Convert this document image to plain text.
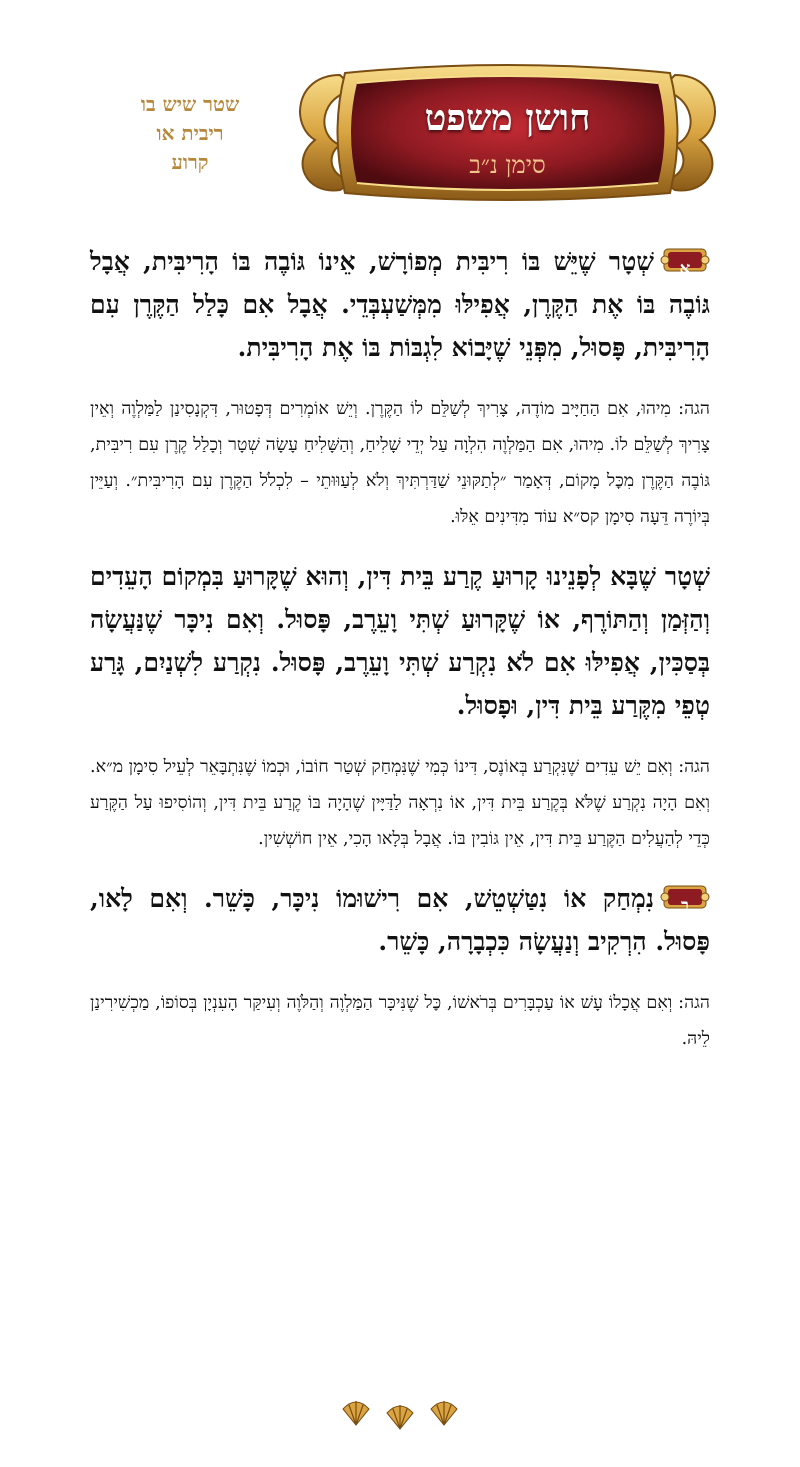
שטר שיש בו
ריבית או
קרוע
חושן משפט
סימן נ״ב

א
שְׁטָר שֶׁיֵּשׁ בּוֹ רִיבִּית מְפוֹרָשׁ, אֵינוֹ גּוֹבֶה בּוֹ הָרִיבִּית, אֲבָל גּוֹבֶה בּוֹ אֶת הַקֶּרֶן, אֲפִילּוּ מִמְּשַׁעְבְּדֵי. אֲבָל אִם כָּלַל הַקֶּרֶן עִם הָרִיבִּית, פָּסוּל, מִפְּנֵי שֶׁיָּבוֹא לִגְבּוֹת בּוֹ אֶת הָרִיבִּית.

הגה: מִיהוּ, אִם הַחַיָּיב מוֹדֶה, צָרִיךְ לְשַׁלֵּם לוֹ הַקֶּרֶן. וְיֵשׁ אוֹמְרִים דְּפָטוּר, דִּקְנָסִינַן לַמַּלְוֶה וְאֵין צָרִיךְ לְשַׁלֵּם לוֹ. מִיהוּ, אִם הַמַּלְוֶה הִלְוָה עַל יְדֵי שָׁלִיחַ, וְהַשָּׁלִיחַ עָשָׂה שְׁטָר וְכָלַל קֶרֶן עִם רִיבִּית, גּוֹבֶה הַקֶּרֶן מִכׇּל מָקוֹם, דְּאָמַר ״לְתַקּוּנֵי שַׁדַּרְתִּיךְ וְלֹא לְעַוּוּתֵי – לִכְלֹל הַקֶּרֶן עִם הָרִיבִּית״. וְעַיֵּין בְּיוֹרֶה דֵּעָה סִימָן קס״א עוֹד מִדִּינִים אֵלּוּ.

שְׁטָר שֶׁבָּא לְפָנֵינוּ קָרוּעַ קֶרַע בֵּית דִּין, וְהוּא שֶׁקָּרוּעַ בִּמְקוֹם הָעֵדִים וְהַזְּמַן וְהַתּוֹרֶף, אוֹ שֶׁקָּרוּעַ שְׁתִּי וָעֵרֶב, פָּסוּל. וְאִם נִיכָּר שֶׁנַּעֲשָׂה בְּסַכִּין, אֲפִילּוּ אִם לֹא נִקְרַע שְׁתִּי וָעֵרֶב, פָּסוּל. נִקְרַע לִשְׁנַיִם, גָּרַע טְפֵי מִקֶּרַע בֵּית דִּין, וּפָסוּל.

הגה: וְאִם יֵשׁ עֵדִים שֶׁנִּקְרַע בְּאוֹנֶס, דִּינוֹ כְּמִי שֶׁנִּמְחַק שְׁטַר חוֹבוֹ, וּכְמוֹ שֶׁנִּתְבָּאֵר לְעֵיל סִימָן מ״א. וְאִם הָיָה נִקְרַע שֶׁלֹּא בְּקֶרַע בֵּית דִּין, אוֹ נִרְאָה לַדַּיָּין שֶׁהָיָה בּוֹ קֶרַע בֵּית דִּין, וְהוֹסִיפוּ עַל הַקֶּרַע כְּדֵי לְהַעֲלִים הַקֶּרַע בֵּית דִּין, אֵין גּוֹבִין בּוֹ. אֲבָל בְּלָאו הָכִי, אֵין חוֹשְׁשִׁין.

ב
נִמְחַק אוֹ נִטַּשְׁטֵשׁ, אִם רִישׁוּמוֹ נִיכָּר, כָּשֵׁר. וְאִם לָאו, פָּסוּל. הִרְקִיב וְנַעֲשָׂה כִּכְבָרָה, כָּשֵׁר.

הגה: וְאִם אֲכָלוֹ עָשׁ אוֹ עַכְבָּרִים בְּרֹאשׁוֹ, כׇּל שֶׁנִּיכָּר הַמַּלְוֶה וְהַלֹּוֶה וְעִיקַּר הָעִנְיָן בְּסוֹפוֹ, מַכְשִׁירִינַן לֵיהּ.
